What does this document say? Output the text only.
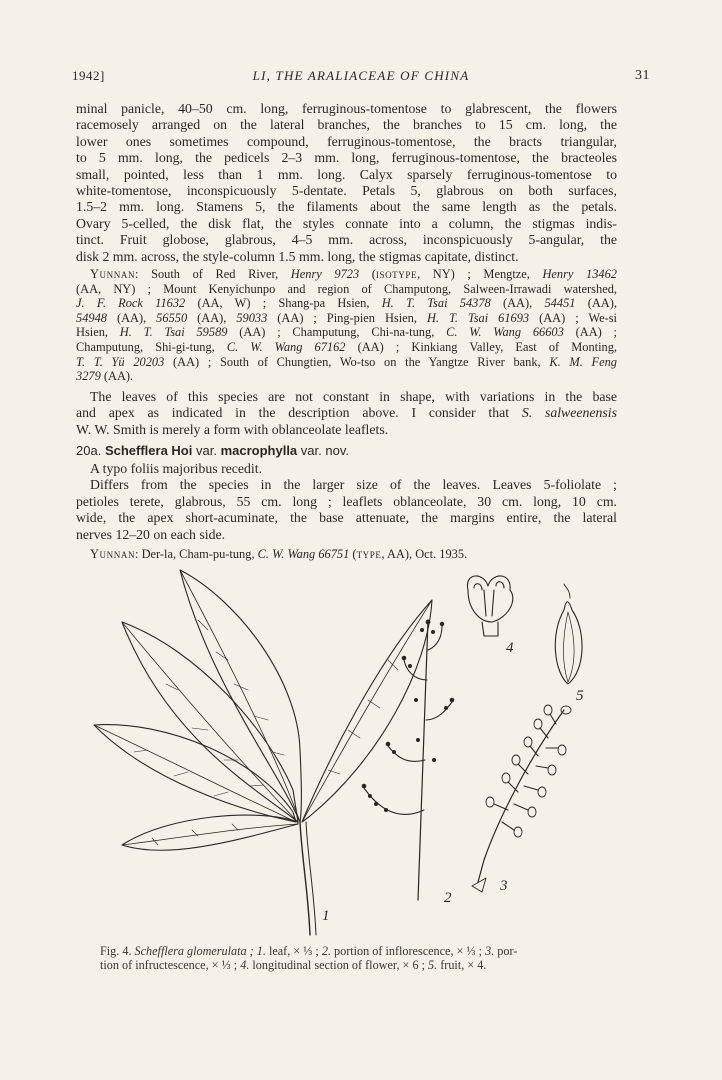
1942]	LI, THE ARALIACEAE OF CHINA	31

minal panicle, 40–50 cm. long, ferruginous-tomentose to glabrescent, the flowers
racemosely arranged on the lateral branches, the branches to 15 cm. long, the
lower ones sometimes compound, ferruginous-tomentose, the bracts triangular,
to 5 mm. long, the pedicels 2–3 mm. long, ferruginous-tomentose, the bracteoles
small, pointed, less than 1 mm. long. Calyx sparsely ferruginous-tomentose to
white-tomentose, inconspicuously 5-dentate. Petals 5, glabrous on both surfaces,
1.5–2 mm. long. Stamens 5, the filaments about the same length as the petals.
Ovary 5-celled, the disk flat, the styles connate into a column, the stigmas indis-
tinct. Fruit globose, glabrous, 4–5 mm. across, inconspicuously 5-angular, the
disk 2 mm. across, the style-column 1.5 mm. long, the stigmas capitate, distinct.

Yunnan: South of Red River, Henry 9723 (isotype, NY) ; Mengtze, Henry 13462
(AA, NY) ; Mount Kenyichunpo and region of Champutong, Salween-Irrawadi watershed,
J. F. Rock 11632 (AA, W) ; Shang-pa Hsien, H. T. Tsai 54378 (AA), 54451 (AA),
54948 (AA), 56550 (AA), 59033 (AA) ; Ping-pien Hsien, H. T. Tsai 61693 (AA) ; We-si
Hsien, H. T. Tsai 59589 (AA) ; Champutung, Chi-na-tung, C. W. Wang 66603 (AA) ;
Champutung, Shi-gi-tung, C. W. Wang 67162 (AA) ; Kinkiang Valley, East of Monting,
T. T. Yü 20203 (AA) ; South of Chungtien, Wo-tso on the Yangtze River bank, K. M. Feng
3279 (AA).

The leaves of this species are not constant in shape, with variations in the base
and apex as indicated in the description above. I consider that S. salweenensis
W. W. Smith is merely a form with oblanceolate leaflets.

20a. Schefflera Hoi var. macrophylla var. nov.

A typo foliis majoribus recedit.

Differs from the species in the larger size of the leaves. Leaves 5-foliolate ;
petioles terete, glabrous, 55 cm. long ; leaflets oblanceolate, 30 cm. long, 10 cm.
wide, the apex short-acuminate, the base attenuate, the margins entire, the lateral
nerves 12–20 on each side.

Yunnan: Der-la, Cham-pu-tung, C. W. Wang 66751 (type, AA), Oct. 1935.

1
2
3
4
5
Fig. 4. Schefflera glomerulata ; 1. leaf, × ⅓ ; 2. portion of inflorescence, × ⅓ ; 3. por-
tion of infructescence, × ⅓ ; 4. longitudinal section of flower, × 6 ; 5. fruit, × 4.
